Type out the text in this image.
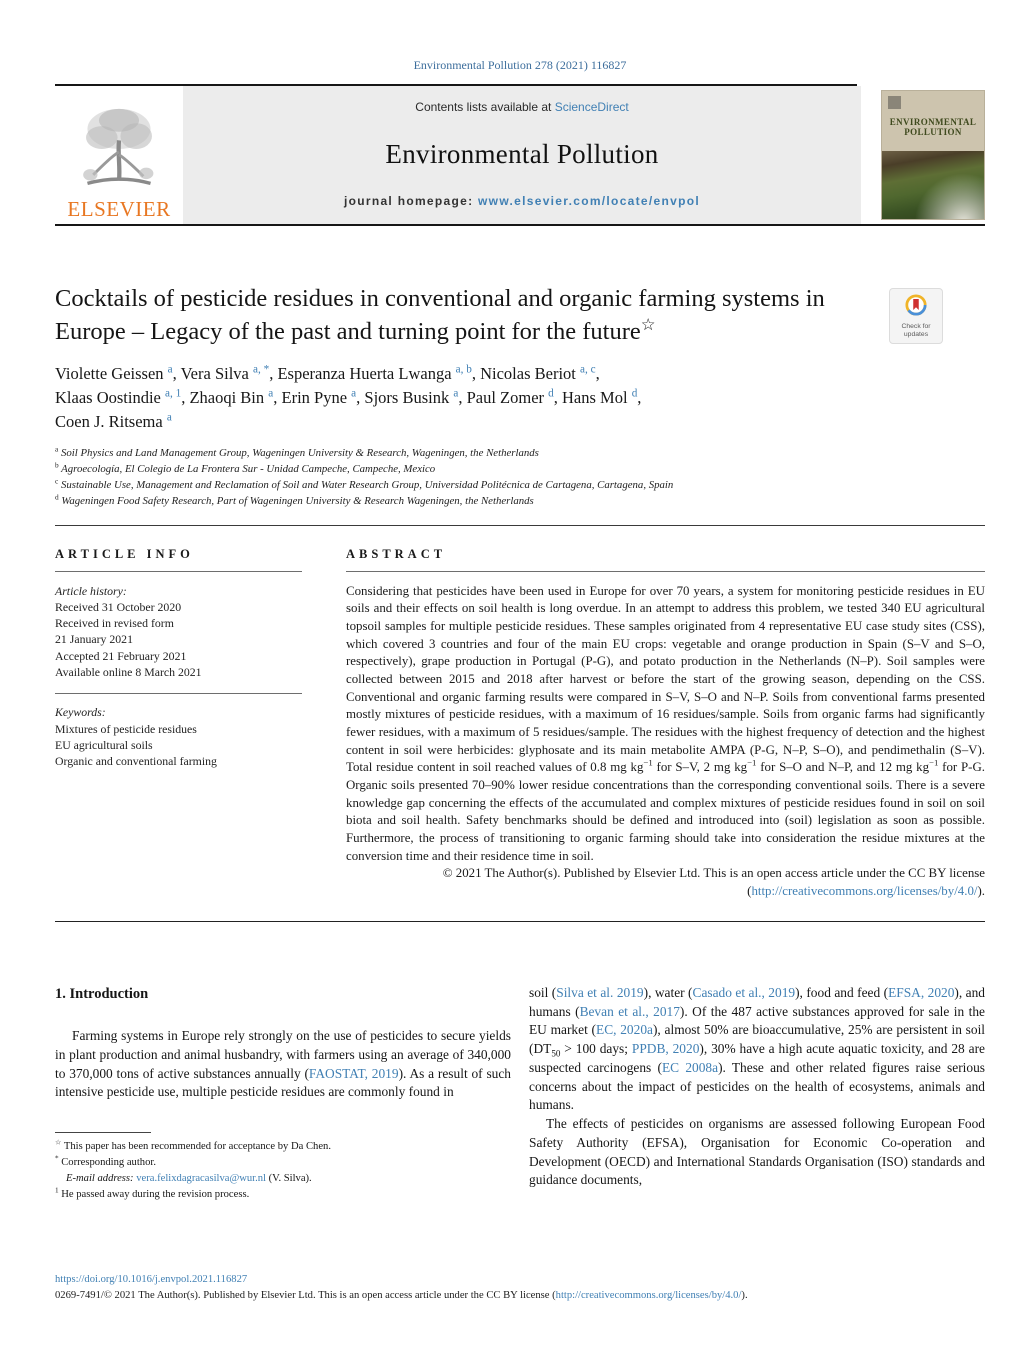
Environmental Pollution 278 (2021) 116827
ELSEVIER
Contents lists available at ScienceDirect
Environmental Pollution
journal homepage: www.elsevier.com/locate/envpol
ENVIRONMENTAL POLLUTION
Cocktails of pesticide residues in conventional and organic farming systems in Europe – Legacy of the past and turning point for the future☆	Check for updates
Violette Geissen $^a$, Vera Silva $^{a, *}$, Esperanza Huerta Lwanga $^{a, b}$, Nicolas Beriot $^{a, c}$,
Klaas Oostindie $^{a, 1}$, Zhaoqi Bin $^a$, Erin Pyne $^a$, Sjors Busink $^a$, Paul Zomer $^d$, Hans Mol $^d$,
Coen J. Ritsema $^a$
$^a$ Soil Physics and Land Management Group, Wageningen University & Research, Wageningen, the Netherlands
$^b$ Agroecología, El Colegio de La Frontera Sur - Unidad Campeche, Campeche, Mexico
$^c$ Sustainable Use, Management and Reclamation of Soil and Water Research Group, Universidad Politécnica de Cartagena, Cartagena, Spain
$^d$ Wageningen Food Safety Research, Part of Wageningen University & Research Wageningen, the Netherlands
ARTICLE INFO
Article history:
Received 31 October 2020
Received in revised form
21 January 2021
Accepted 21 February 2021
Available online 8 March 2021
Keywords:
Mixtures of pesticide residues
EU agricultural soils
Organic and conventional farming
ABSTRACT
Considering that pesticides have been used in Europe for over 70 years, a system for monitoring pesticide residues in EU soils and their effects on soil health is long overdue. In an attempt to address this problem, we tested 340 EU agricultural topsoil samples for multiple pesticide residues. These samples originated from 4 representative EU case study sites (CSS), which covered 3 countries and four of the main EU crops: vegetable and orange production in Spain (S–V and S–O, respectively), grape production in Portugal (P-G), and potato production in the Netherlands (N–P). Soil samples were collected between 2015 and 2018 after harvest or before the start of the growing season, depending on the CSS. Conventional and organic farming results were compared in S–V, S–O and N–P. Soils from conventional farms presented mostly mixtures of pesticide residues, with a maximum of 16 residues/sample. Soils from organic farms had significantly fewer residues, with a maximum of 5 residues/sample. The residues with the highest frequency of detection and the highest content in soil were herbicides: glyphosate and its main metabolite AMPA (P-G, N–P, S–O), and pendimethalin (S–V). Total residue content in soil reached values of 0.8 mg $kg^{-1}$ for S–V, 2 mg $kg^{-1}$ for S–O and N–P, and 12 mg $kg^{-1}$ for P-G. Organic soils presented 70–90% lower residue concentrations than the corresponding conventional soils. There is a severe knowledge gap concerning the effects of the accumulated and complex mixtures of pesticide residues found in soil on soil biota and soil health. Safety benchmarks should be defined and introduced into (soil) legislation as soon as possible. Furthermore, the process of transitioning to organic farming should take into consideration the residue mixtures at the conversion time and their residence time in soil.
© 2021 The Author(s). Published by Elsevier Ltd. This is an open access article under the CC BY license
(http://creativecommons.org/licenses/by/4.0/).
1. Introduction
Farming systems in Europe rely strongly on the use of pesticides to secure yields in plant production and animal husbandry, with farmers using an average of 340,000 to 370,000 tons of active substances annually (FAOSTAT, 2019). As a result of such intensive pesticide use, multiple pesticide residues are commonly found in
☆ This paper has been recommended for acceptance by Da Chen.
* Corresponding author.
E-mail address: vera.felixdagracasilva@wur.nl (V. Silva).
$^1$ He passed away during the revision process.
soil (Silva et al. 2019), water (Casado et al., 2019), food and feed (EFSA, 2020), and humans (Bevan et al., 2017). Of the 487 active substances approved for sale in the EU market (EC, 2020a), almost 50% are bioaccumulative, 25% are persistent in soil ($DT_{50} > 100$ days; PPDB, 2020), 30% have a high acute aquatic toxicity, and 28 are suspected carcinogens (EC 2008a). These and other related figures raise serious concerns about the impact of pesticides on the health of ecosystems, animals and humans.
The effects of pesticides on organisms are assessed following European Food Safety Authority (EFSA), Organisation for Economic Co-operation and Development (OECD) and International Standards Organisation (ISO) standards and guidance documents,
https://doi.org/10.1016/j.envpol.2021.116827
0269-7491/© 2021 The Author(s). Published by Elsevier Ltd. This is an open access article under the CC BY license (http://creativecommons.org/licenses/by/4.0/).
